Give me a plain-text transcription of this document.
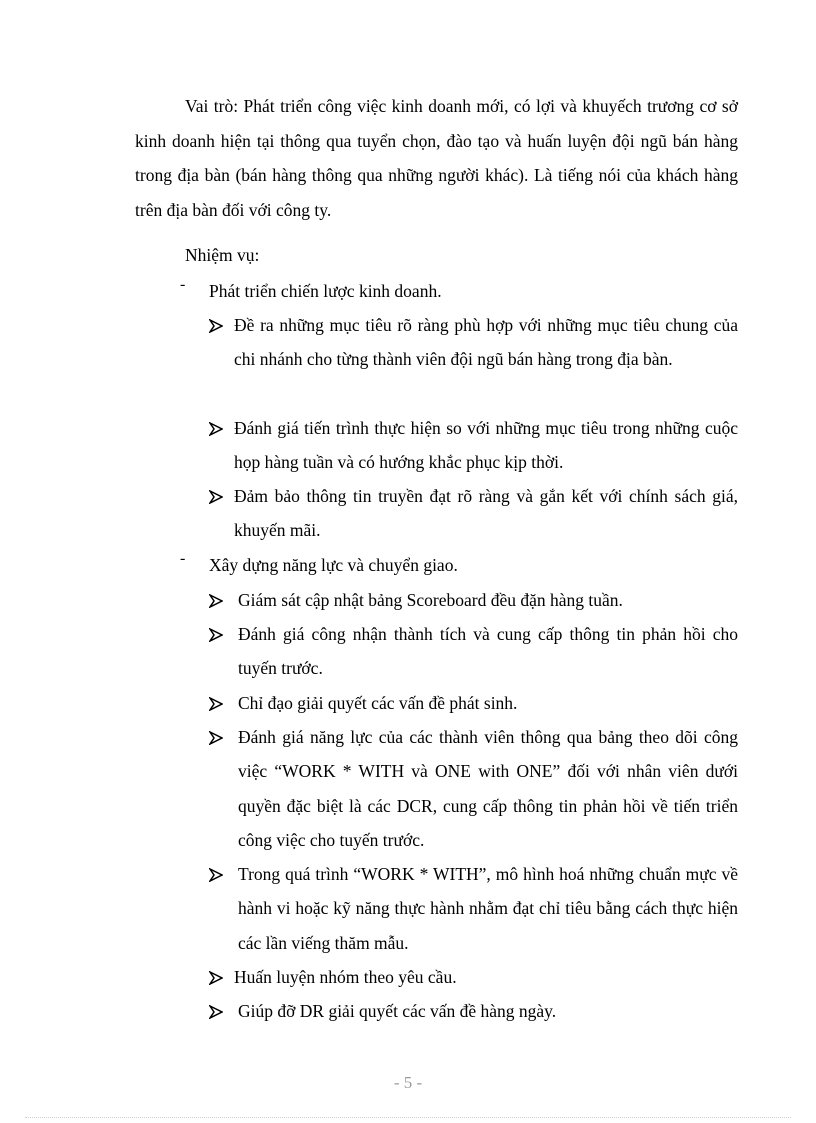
Vai trò: Phát triển công việc kinh doanh mới, có lợi và khuyếch trương cơ sở kinh doanh hiện tại thông qua tuyển chọn, đào tạo và huấn luyện đội ngũ bán hàng trong địa bàn (bán hàng thông qua những người khác). Là tiếng nói của khách hàng trên địa bàn đối với công ty.

Nhiệm vụ:

-	Phát triển chiến lược kinh doanh.
Đề ra những mục tiêu rõ ràng phù hợp với những mục tiêu chung của chi nhánh cho từng thành viên đội ngũ bán hàng trong địa bàn.
Đánh giá tiến trình thực hiện so với những mục tiêu trong những cuộc họp hàng tuần và có hướng khắc phục kịp thời.
Đảm bảo thông tin truyền đạt rõ ràng và gắn kết với chính sách giá, khuyến mãi.
-	Xây dựng năng lực và chuyển giao.
Giám sát cập nhật bảng Scoreboard đều đặn hàng tuần.
Đánh giá công nhận thành tích và cung cấp thông tin phản hồi cho tuyến trước.
Chỉ đạo giải quyết các vấn đề phát sinh.
Đánh giá năng lực của các thành viên thông qua bảng theo dõi công việc “WORK * WITH và ONE with ONE” đối với nhân viên dưới quyền đặc biệt là các DCR, cung cấp thông tin phản hồi về tiến triển công việc cho tuyến trước.
Trong quá trình “WORK * WITH”, mô hình hoá những chuẩn mực về hành vi hoặc kỹ năng thực hành nhằm đạt chỉ tiêu bằng cách thực hiện các lần viếng thăm mẫu.
Huấn luyện nhóm theo yêu cầu.
Giúp đỡ DR giải quyết các vấn đề hàng ngày.
- 5 -
